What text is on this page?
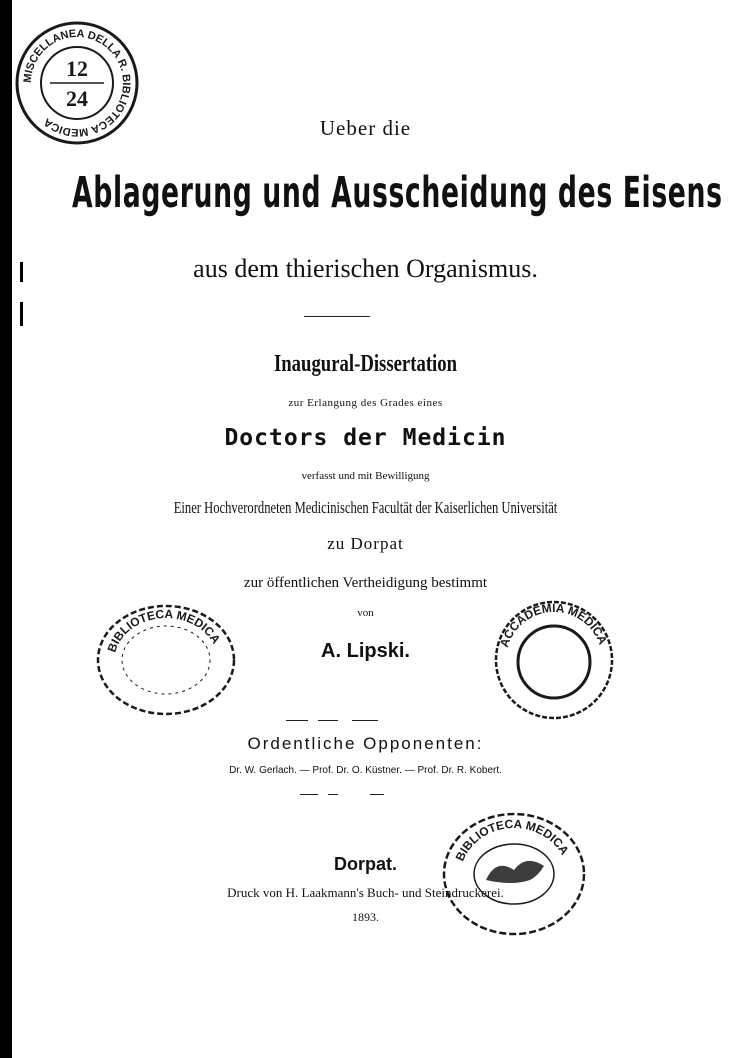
MISCELLANEA DELLA R. BIBLIOTECA MEDICA
12
24
Ueber die
Ablagerung und Ausscheidung des Eisens
aus dem thierischen Organismus.
Inaugural-Dissertation
zur Erlangung des Grades eines
Doctors der Medicin
verfasst und mit Bewilligung
Einer Hochverordneten Medicinischen Facultät der Kaiserlichen Universität
zu Dorpat
zur öffentlichen Vertheidigung bestimmt
von
A. Lipski.
BIBLIOTECA MEDICA	ACCADEMIA MEDICA
Ordentliche Opponenten:
Dr. W. Gerlach. — Prof. Dr. O. Küstner. — Prof. Dr. R. Kobert.
BIBLIOTECA MEDICA
Dorpat.
Druck von H. Laakmann's Buch- und Steindruckerei.
1893.
